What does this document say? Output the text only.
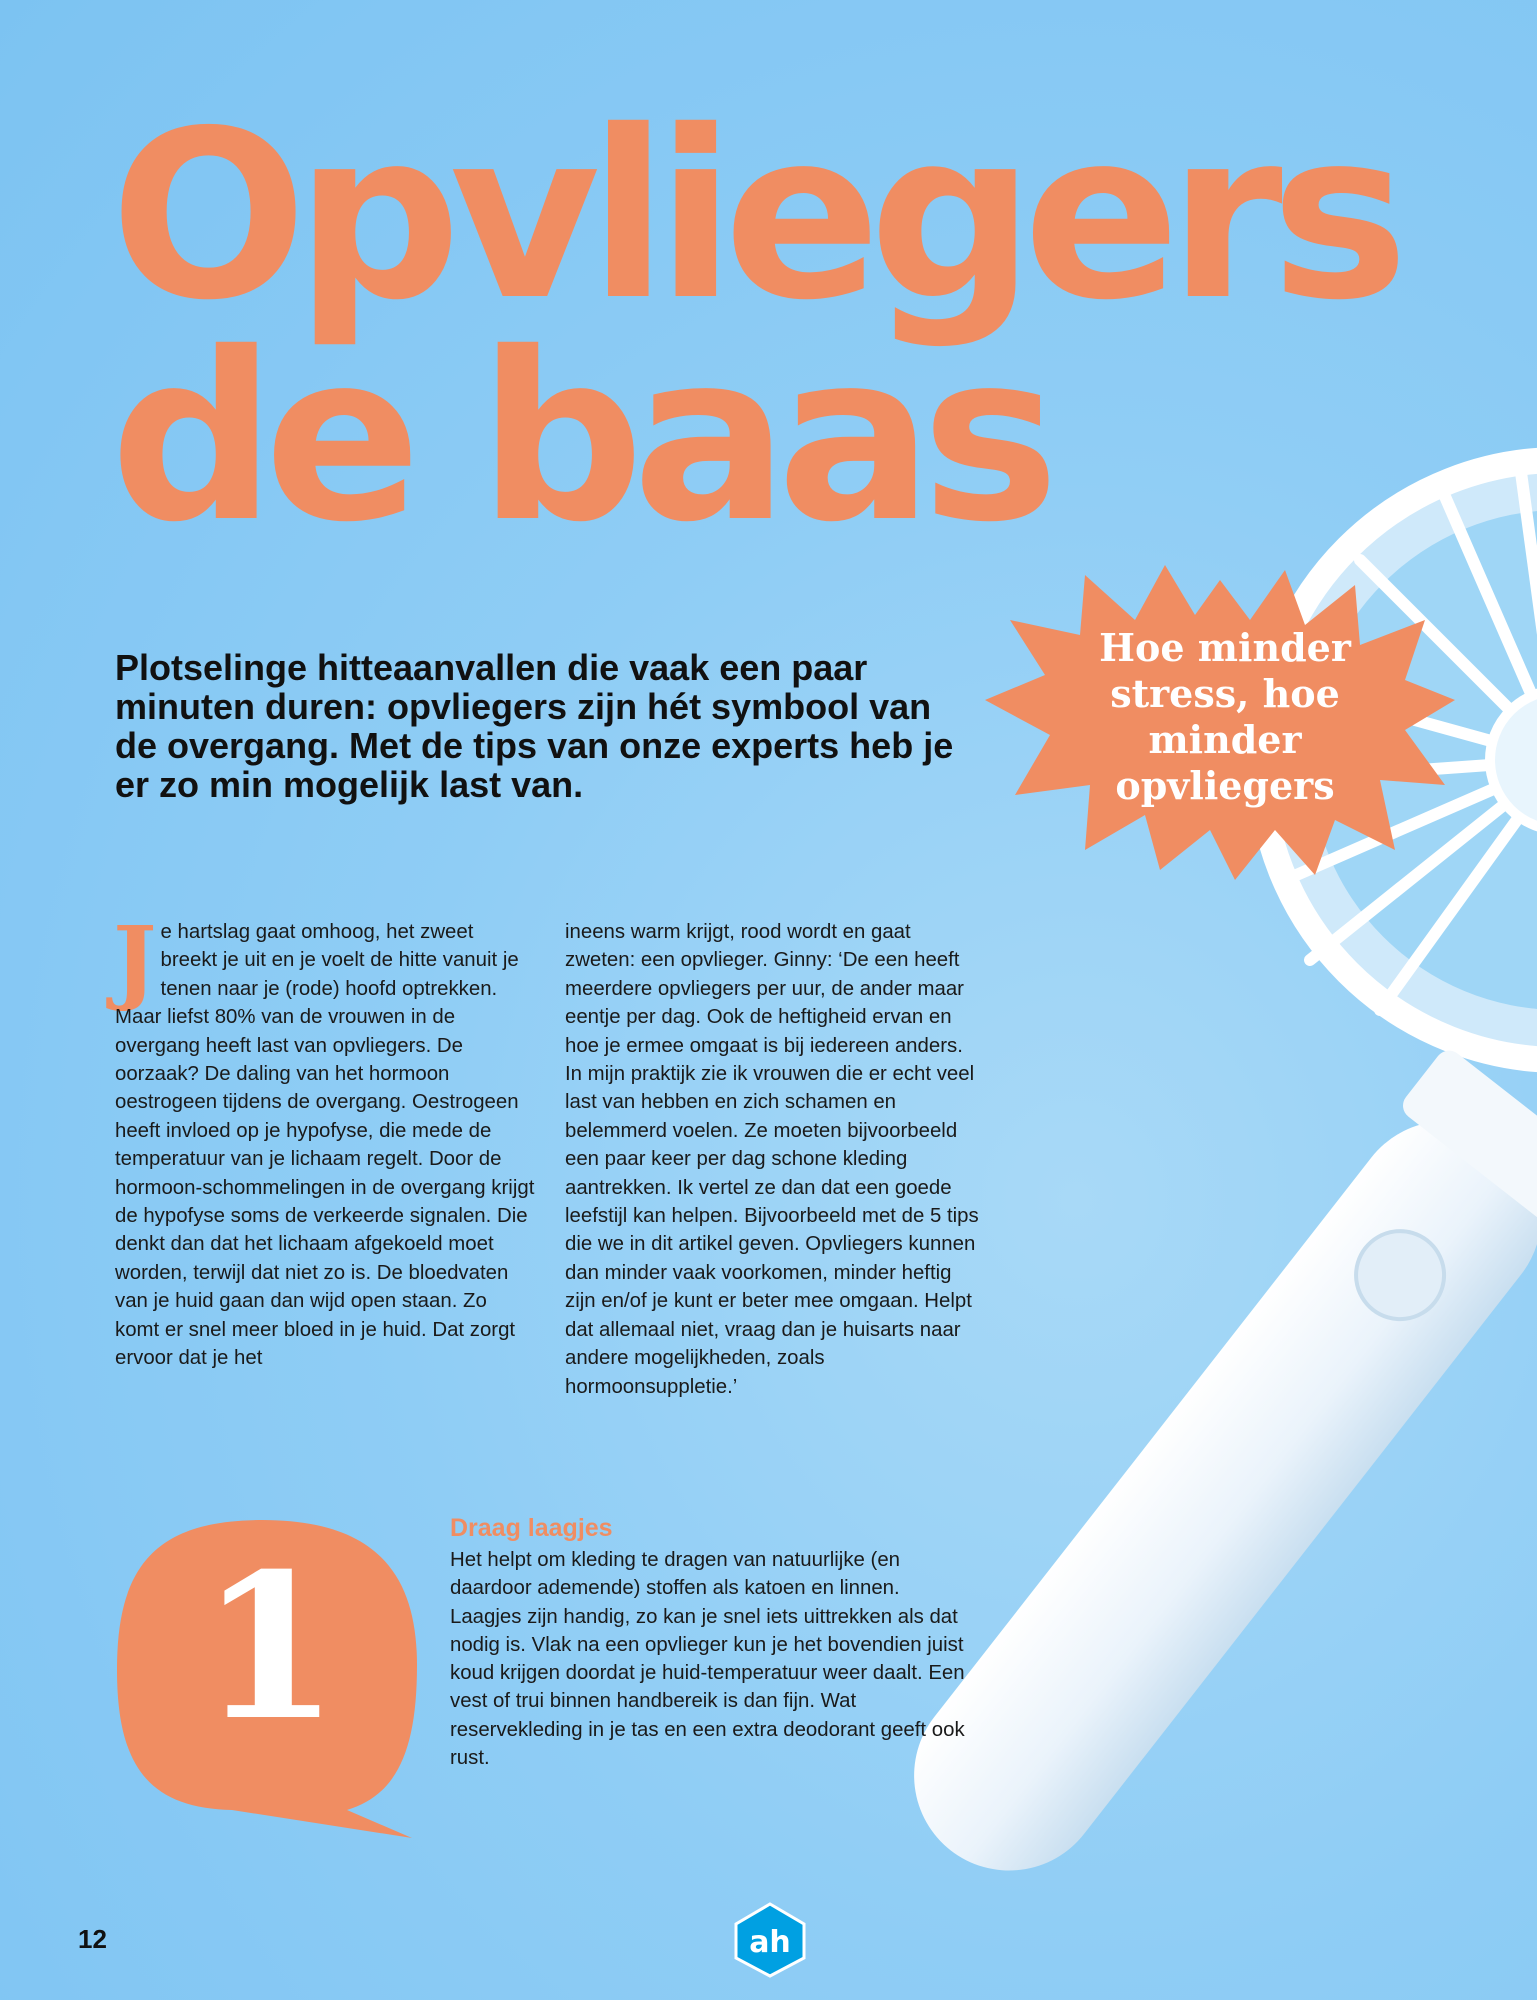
Opvliegers
de baas

Plotselinge hitteaanvallen die vaak een paar minuten duren: opvliegers zijn hét symbool van de overgang. Met de tips van onze experts heb je er zo min mogelijk last van.

Hoe minder stress, hoe minder opvliegers

J e hartslag gaat omhoog, het zweet breekt je uit en je voelt de hitte vanuit je tenen naar je (rode) hoofd optrekken. Maar liefst 80% van de vrouwen in de overgang heeft last van opvliegers. De oorzaak? De daling van het hormoon oestrogeen tijdens de overgang. Oestrogeen heeft invloed op je hypofyse, die mede de temperatuur van je lichaam regelt. Door de hormoon-schommelingen in de overgang krijgt de hypofyse soms de verkeerde signalen. Die denkt dan dat het lichaam afgekoeld moet worden, terwijl dat niet zo is. De bloedvaten van je huid gaan dan wijd open staan. Zo komt er snel meer bloed in je huid. Dat zorgt ervoor dat je het
ineens warm krijgt, rood wordt en gaat zweten: een opvlieger. Ginny: ‘De een heeft meerdere opvliegers per uur, de ander maar eentje per dag. Ook de heftigheid ervan en hoe je ermee omgaat is bij iedereen anders. In mijn praktijk zie ik vrouwen die er echt veel last van hebben en zich schamen en belemmerd voelen. Ze moeten bijvoorbeeld een paar keer per dag schone kleding aantrekken. Ik vertel ze dan dat een goede leefstijl kan helpen. Bijvoorbeeld met de 5 tips die we in dit artikel geven. Opvliegers kunnen dan minder vaak voorkomen, minder heftig zijn en/of je kunt er beter mee omgaan. Helpt dat allemaal niet, vraag dan je huisarts naar andere mogelijkheden, zoals hormoonsuppletie.’

1

Draag laagjes

Het helpt om kleding te dragen van natuurlijke (en daardoor ademende) stoffen als katoen en linnen. Laagjes zijn handig, zo kan je snel iets uittrekken als dat nodig is. Vlak na een opvlieger kun je het bovendien juist koud krijgen doordat je huid-temperatuur weer daalt. Een vest of trui binnen handbereik is dan fijn. Wat reservekleding in je tas en een extra deodorant geeft ook rust.

12	ah
